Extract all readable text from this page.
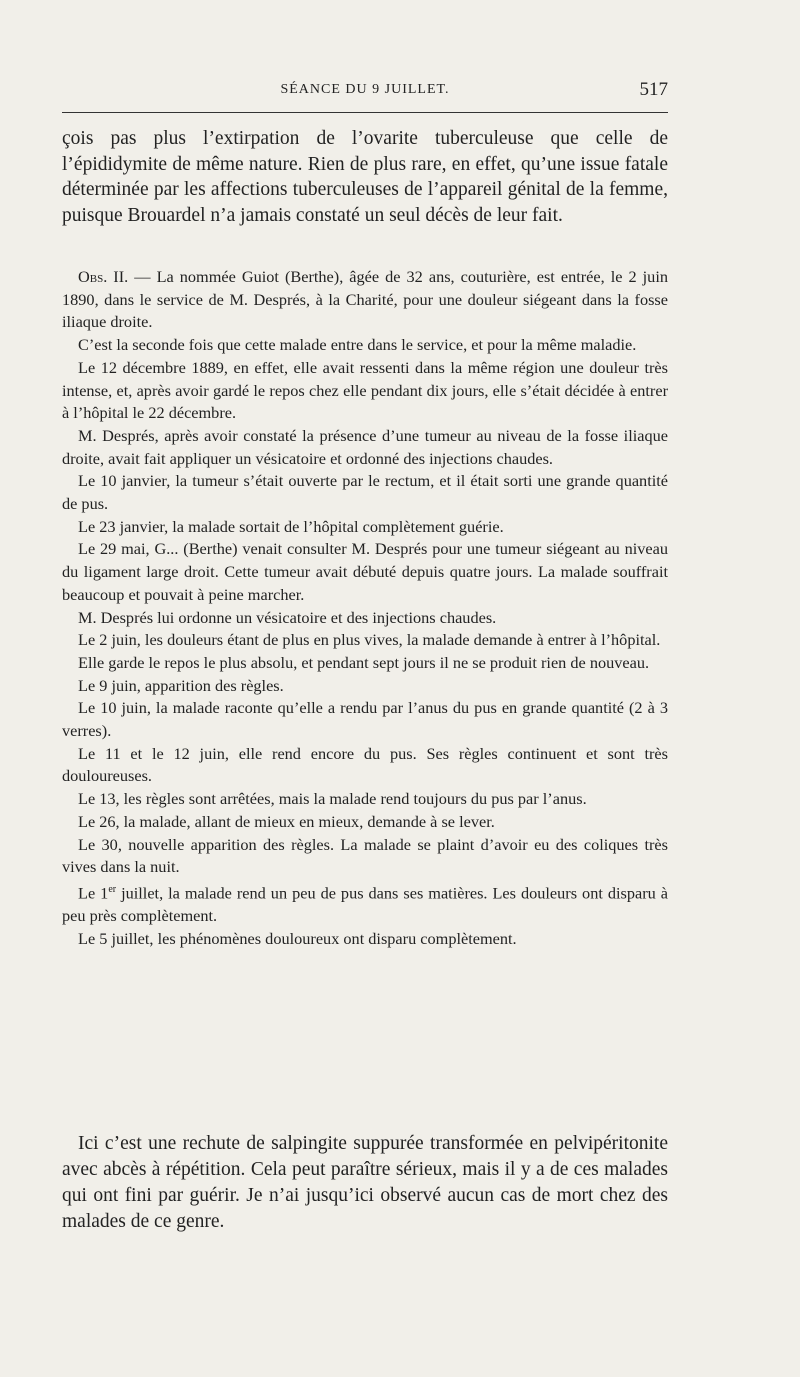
SÉANCE DU 9 JUILLET.	517

çois pas plus l’extirpation de l’ovarite tuberculeuse que celle de l’épididymite de même nature. Rien de plus rare, en effet, qu’une issue fatale déterminée par les affections tuberculeuses de l’appareil génital de la femme, puisque Brouardel n’a jamais constaté un seul décès de leur fait.

Obs. II. — La nommée Guiot (Berthe), âgée de 32 ans, couturière, est entrée, le 2 juin 1890, dans le service de M. Després, à la Charité, pour une douleur siégeant dans la fosse iliaque droite.

C’est la seconde fois que cette malade entre dans le service, et pour la même maladie.

Le 12 décembre 1889, en effet, elle avait ressenti dans la même région une douleur très intense, et, après avoir gardé le repos chez elle pendant dix jours, elle s’était décidée à entrer à l’hôpital le 22 décembre.

M. Després, après avoir constaté la présence d’une tumeur au niveau de la fosse iliaque droite, avait fait appliquer un vésicatoire et ordonné des injections chaudes.

Le 10 janvier, la tumeur s’était ouverte par le rectum, et il était sorti une grande quantité de pus.

Le 23 janvier, la malade sortait de l’hôpital complètement guérie.

Le 29 mai, G... (Berthe) venait consulter M. Després pour une tumeur siégeant au niveau du ligament large droit. Cette tumeur avait débuté depuis quatre jours. La malade souffrait beaucoup et pouvait à peine marcher.

M. Després lui ordonne un vésicatoire et des injections chaudes.

Le 2 juin, les douleurs étant de plus en plus vives, la malade demande à entrer à l’hôpital.

Elle garde le repos le plus absolu, et pendant sept jours il ne se produit rien de nouveau.

Le 9 juin, apparition des règles.

Le 10 juin, la malade raconte qu’elle a rendu par l’anus du pus en grande quantité (2 à 3 verres).

Le 11 et le 12 juin, elle rend encore du pus. Ses règles continuent et sont très douloureuses.

Le 13, les règles sont arrêtées, mais la malade rend toujours du pus par l’anus.

Le 26, la malade, allant de mieux en mieux, demande à se lever.

Le 30, nouvelle apparition des règles. La malade se plaint d’avoir eu des coliques très vives dans la nuit.

Le 1er juillet, la malade rend un peu de pus dans ses matières. Les douleurs ont disparu à peu près complètement.

Le 5 juillet, les phénomènes douloureux ont disparu complètement.

Ici c’est une rechute de salpingite suppurée transformée en pelvipéritonite avec abcès à répétition. Cela peut paraître sérieux, mais il y a de ces malades qui ont fini par guérir. Je n’ai jusqu’ici observé aucun cas de mort chez des malades de ce genre.
